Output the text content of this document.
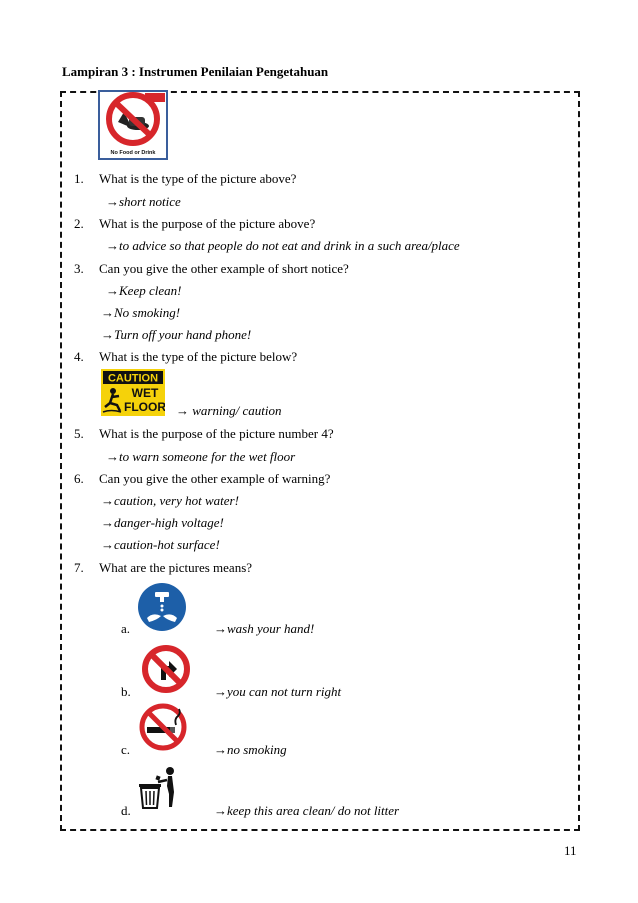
Lampiran 3 : Instrumen Penilaian Pengetahuan
No Food or Drink
1. What is the type of the picture above?
→short notice
2. What is the purpose of the picture above?
→to advice so that people do not eat and drink in a such area/place
3. Can you give the other example of short notice?
→Keep clean!
→No smoking!
→Turn off your hand phone!
4. What is the type of the picture below?
CAUTION
WET
FLOOR → warning/ caution
5. What is the purpose of the picture number 4?
→to warn someone for the wet floor
6. Can you give the other example of warning?
→caution, very hot water!
→danger-high voltage!
→caution-hot surface!
7. What are the pictures means?
a.	→wash your hand!
b.	→you can not turn right
c.	→no smoking
d.	→keep this area clean/ do not litter
11
